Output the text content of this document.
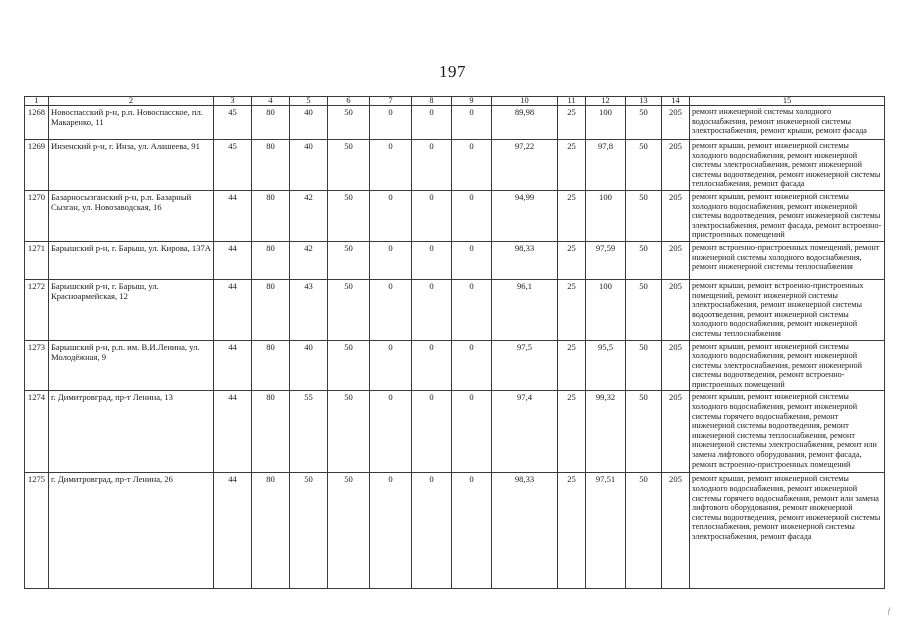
197
1	2	3	4	5	6	7	8	9	10	11	12	13	14	15
1268	Новоспасский р-н, р.п. Новоспасское, пл. Макаренко, 11	45	80	40	50	0	0	0	89,98	25	100	50	205	ремонт инженерной системы холодного водоснабжения, ремонт инженерной системы электроснабжения, ремонт крыши, ремонт фасада
1269	Инзенский р-н, г. Инза, ул. Алашеева, 91	45	80	40	50	0	0	0	97,22	25	97,8	50	205	ремонт крыши, ремонт инженерной системы холодного водоснабжения, ремонт инженерной системы электроснабжения, ремонт инженерной системы водоотведения, ремонт инженерной системы теплоснабжения, ремонт фасада
1270	Базарносызганский р-н, р.п. Базарный Сызган, ул. Новозаводская, 16	44	80	42	50	0	0	0	94,99	25	100	50	205	ремонт крыши, ремонт инженерной системы холодного водоснабжения, ремонт инженерной системы водоотведения, ремонт инженерной системы электроснабжения, ремонт фасада, ремонт встроенно-пристроенных помещений
1271	Барышский р-н, г. Барыш, ул. Кирова, 137А	44	80	42	50	0	0	0	98,33	25	97,59	50	205	ремонт встроенно-пристроенных помещений, ремонт инженерной системы холодного водоснабжения, ремонт инженерной системы теплоснабжения
1272	Барышский р-н, г. Барыш, ул. Красноармейская, 12	44	80	43	50	0	0	0	96,1	25	100	50	205	ремонт крыши, ремонт встроенно-пристроенных помещений, ремонт инженерной системы электроснабжения, ремонт инженерной системы водоотведения, ремонт инженерной системы холодного водоснабжения, ремонт инженерной системы теплоснабжения
1273	Барышский р-н, р.п. им. В.И.Ленина, ул. Молодёжная, 9	44	80	40	50	0	0	0	97,5	25	95,5	50	205	ремонт крыши, ремонт инженерной системы холодного водоснабжения, ремонт инженерной системы электроснабжения, ремонт инженерной системы водоотведения, ремонт встроенно-пристроенных помещений
1274	г. Димитровград, пр-т Ленина, 13	44	80	55	50	0	0	0	97,4	25	99,32	50	205	ремонт крыши, ремонт инженерной системы холодного водоснабжения, ремонт инженерной системы горячего водоснабжения, ремонт инженерной системы водоотведения, ремонт инженерной системы теплоснабжения, ремонт инженерной системы электроснабжения, ремонт или замена лифтового оборудования, ремонт фасада, ремонт встроенно-пристроенных помещений
1275	г. Димитровград, пр-т Ленина, 26	44	80	50	50	0	0	0	98,33	25	97,51	50	205	ремонт крыши, ремонт инженерной системы холодного водоснабжения, ремонт инженерной системы горячего водоснабжения, ремонт или замена лифтового оборудования, ремонт инженерной системы водоотведения, ремонт инженерной системы теплоснабжения, ремонт инженерной системы электроснабжения, ремонт фасада
ƒ
